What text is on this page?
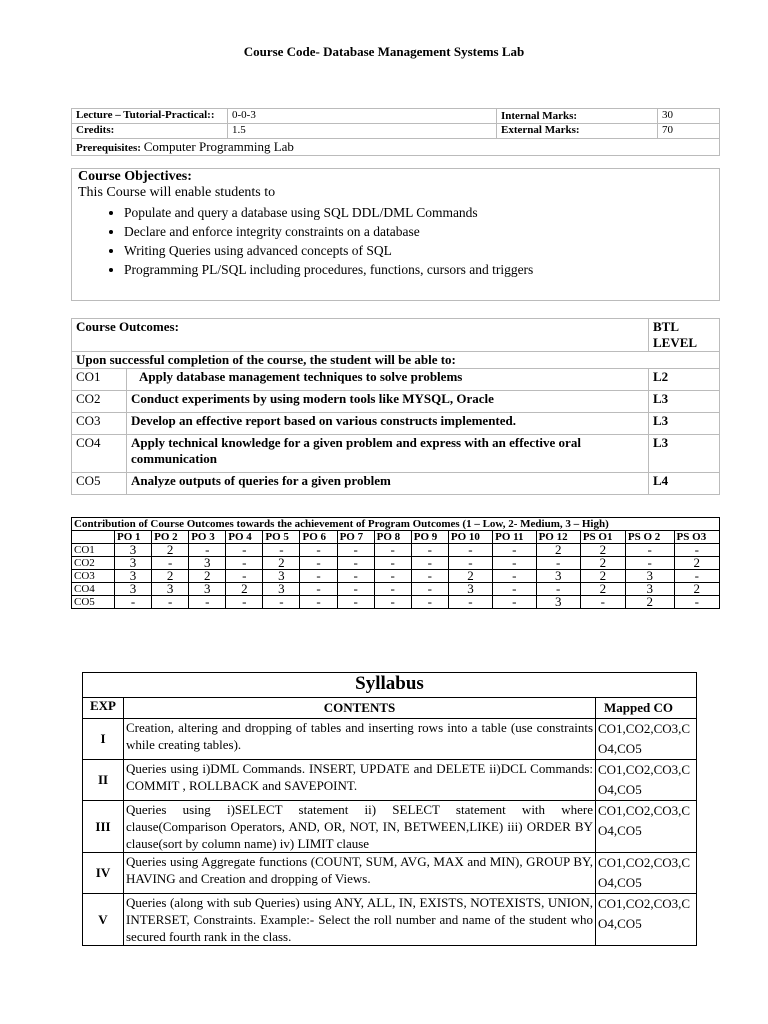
Course Code- Database Management Systems Lab
Lecture – Tutorial-Practical::	0-0-3	Internal Marks:	30
Credits:	1.5	External Marks:	70
Prerequisites: Computer Programming Lab			
Course Objectives:
This Course will enable students to
• Populate and query a database using SQL DDL/DML Commands
• Declare and enforce integrity constraints on a database
• Writing Queries using advanced concepts of SQL
• Programming PL/SQL including procedures, functions, cursors and triggers
Course Outcomes:		BTL LEVEL
Upon successful completion of the course, the student will be able to:		
CO1	Apply database management techniques to solve problems	L2
CO2	Conduct experiments by using modern tools like MYSQL, Oracle	L3
CO3	Develop an effective report based on various constructs implemented.	L3
CO4	Apply technical knowledge for a given problem and express with an effective oral communication	L3
CO5	Analyze outputs of queries for a given problem	L4
Contribution of Course Outcomes towards the achievement of Program Outcomes (1 – Low, 2- Medium, 3 – High)															
	PO 1	PO 2	PO 3	PO 4	PO 5	PO 6	PO 7	PO 8	PO 9	PO 10	PO 11	PO 12	PS O1	PS O 2	PS O3
CO1	3	2	-	-	-	-	-	-	-	-	-	2	2	-	-
CO2	3	-	3	-	2	-	-	-	-	-	-	-	2	-	2
CO3	3	2	2	-	3	-	-	-	-	2	-	3	2	3	-
CO4	3	3	3	2	3	-	-	-	-	3	-	-	2	3	2
CO5	-	-	-	-	-	-	-	-	-	-	-	3	-	2	-
Syllabus		
EXP	CONTENTS	Mapped CO
I	Creation, altering and dropping of tables and inserting rows into a table (use constraints while creating tables).	CO1,CO2,CO3,CO4,CO5
II	Queries using i)DML Commands. INSERT, UPDATE and DELETE ii)DCL Commands: COMMIT , ROLLBACK and SAVEPOINT.	CO1,CO2,CO3,CO4,CO5
III	Queries using i)SELECT statement ii) SELECT statement with where clause(Comparison Operators, AND, OR, NOT, IN, BETWEEN,LIKE) iii) ORDER BY clause(sort by column name) iv) LIMIT clause	CO1,CO2,CO3,CO4,CO5
IV	Queries using Aggregate functions (COUNT, SUM, AVG, MAX and MIN), GROUP BY, HAVING and Creation and dropping of Views.	CO1,CO2,CO3,CO4,CO5
V	Queries (along with sub Queries) using ANY, ALL, IN, EXISTS, NOTEXISTS, UNION, INTERSET, Constraints. Example:- Select the roll number and name of the student who secured fourth rank in the class.	CO1,CO2,CO3,CO4,CO5
